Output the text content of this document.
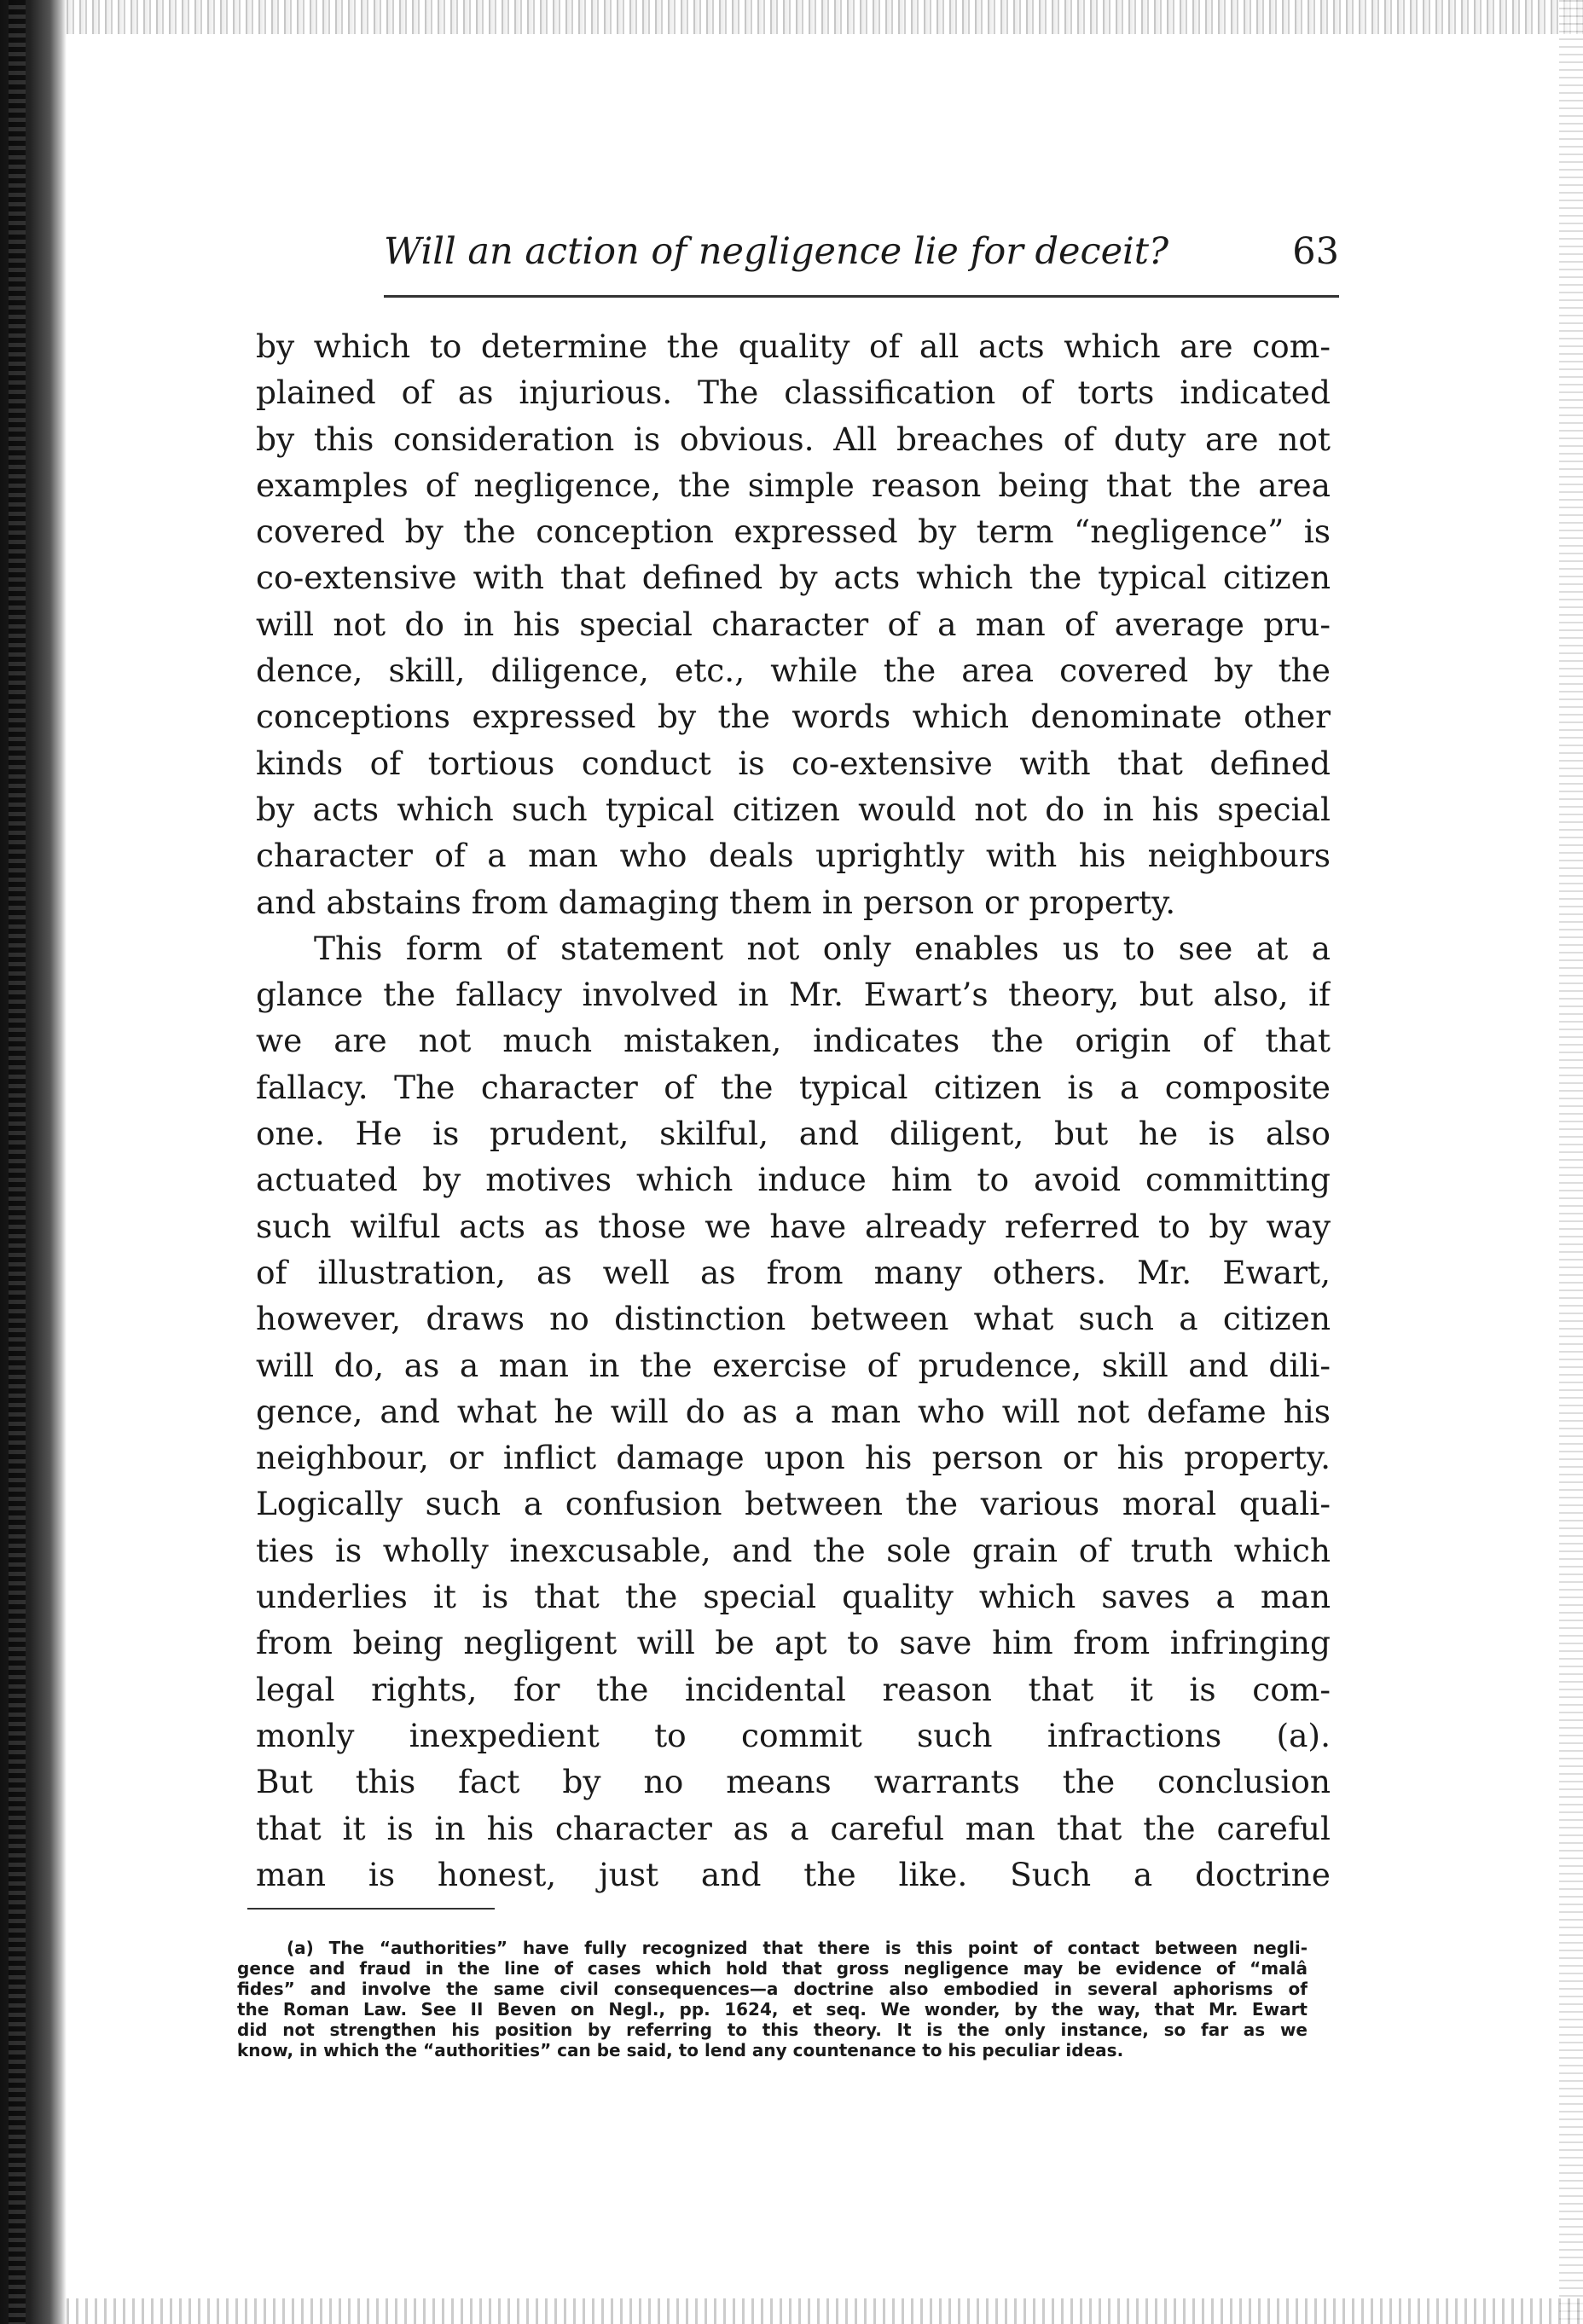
Will an action of negligence lie for deceit?	63
by which to determine the quality of all acts which are com-
plained of as injurious. The classification of torts indicated
by this consideration is obvious. All breaches of duty are not
examples of negligence, the simple reason being that the area
covered by the conception expressed by term “negligence” is
co-extensive with that defined by acts which the typical citizen
will not do in his special character of a man of average pru-
dence, skill, diligence, etc., while the area covered by the
conceptions expressed by the words which denominate other
kinds of tortious conduct is co-extensive with that defined
by acts which such typical citizen would not do in his special
character of a man who deals uprightly with his neighbours
and abstains from damaging them in person or property.
This form of statement not only enables us to see at a
glance the fallacy involved in Mr. Ewart’s theory, but also, if
we are not much mistaken, indicates the origin of that
fallacy. The character of the typical citizen is a composite
one. He is prudent, skilful, and diligent, but he is also
actuated by motives which induce him to avoid committing
such wilful acts as those we have already referred to by way
of illustration, as well as from many others. Mr. Ewart,
however, draws no distinction between what such a citizen
will do, as a man in the exercise of prudence, skill and dili-
gence, and what he will do as a man who will not defame his
neighbour, or inflict damage upon his person or his property.
Logically such a confusion between the various moral quali-
ties is wholly inexcusable, and the sole grain of truth which
underlies it is that the special quality which saves a man
from being negligent will be apt to save him from infringing
legal rights, for the incidental reason that it is com-
monly inexpedient to commit such infractions (a).
But this fact by no means warrants the conclusion
that it is in his character as a careful man that the careful
man is honest, just and the like. Such a doctrine
(a) The “authorities” have fully recognized that there is this point of contact between negli-
gence and fraud in the line of cases which hold that gross negligence may be evidence of “malâ
fides” and involve the same civil consequences—a doctrine also embodied in several aphorisms of
the Roman Law. See II Beven on Negl., pp. 1624, et seq. We wonder, by the way, that Mr. Ewart
did not strengthen his position by referring to this theory. It is the only instance, so far as we
know, in which the “authorities” can be said, to lend any countenance to his peculiar ideas.
